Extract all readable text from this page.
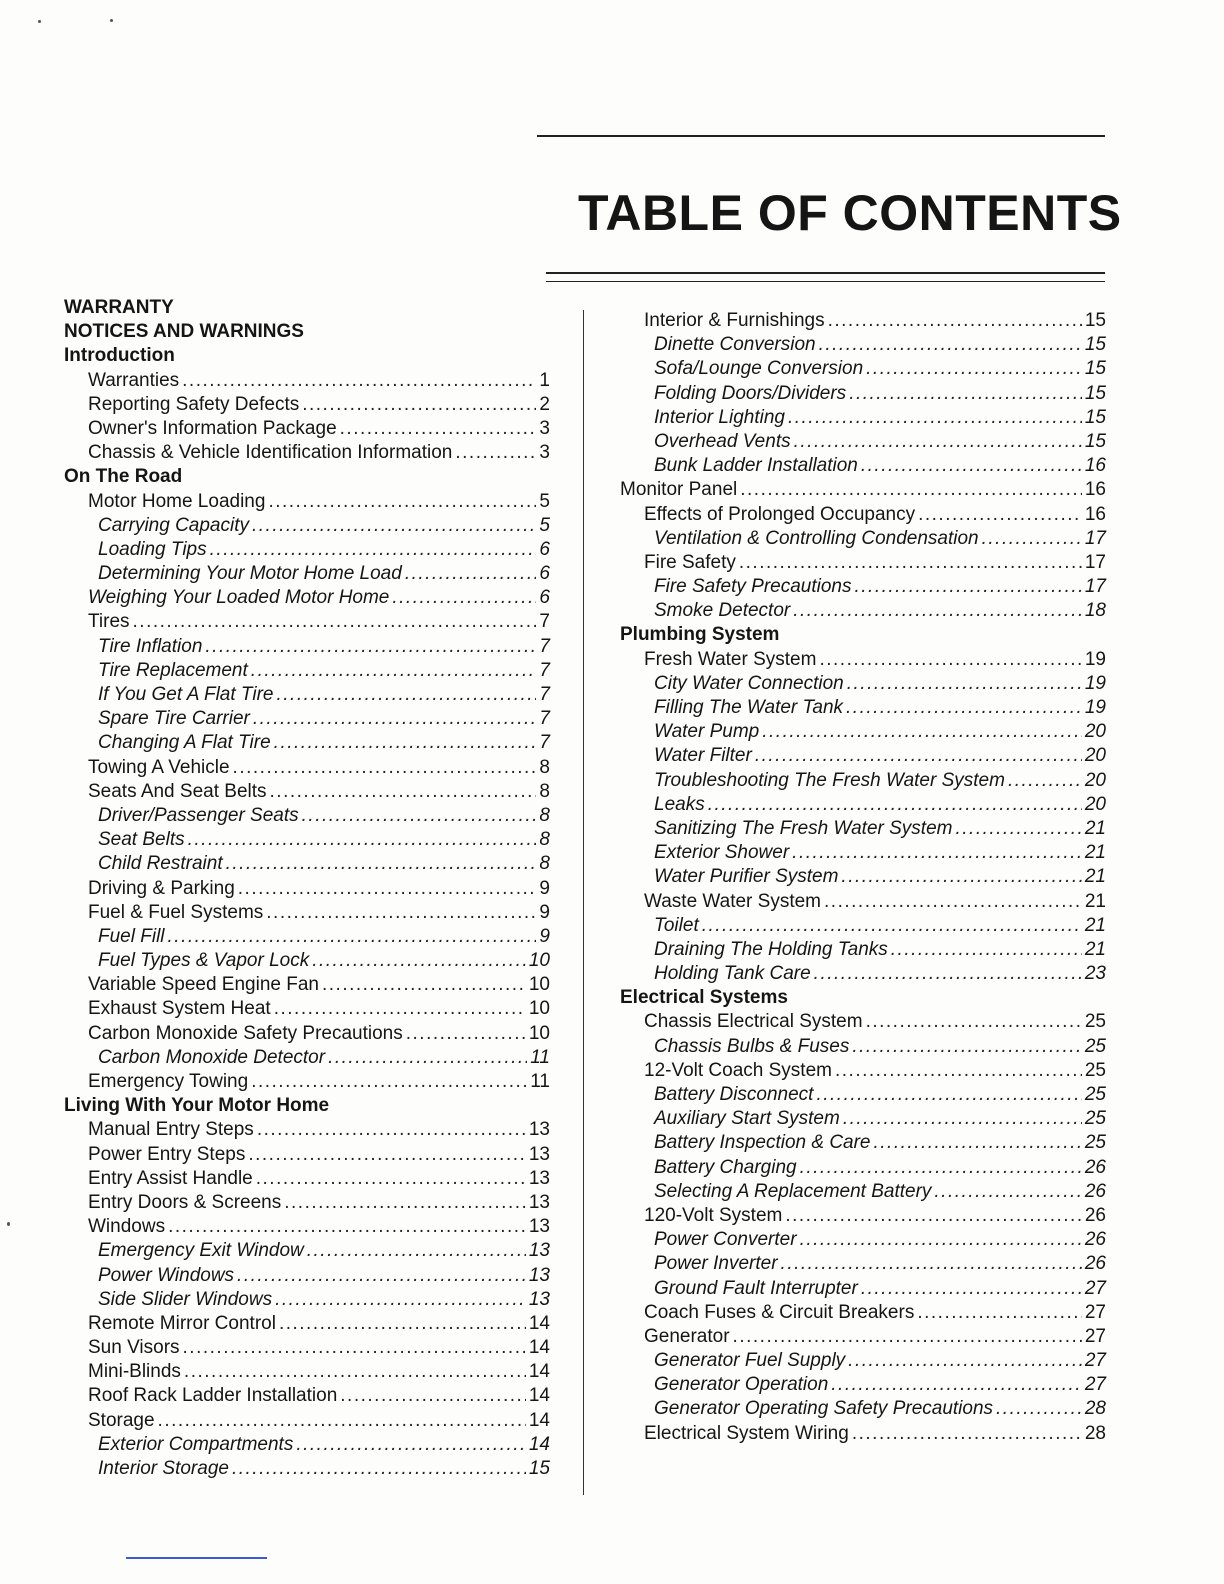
TABLE OF CONTENTS
WARRANTY
NOTICES AND WARNINGS
Introduction
Warranties .....	1
Reporting Safety Defects .....	2
Owner's Information Package .....	3
Chassis & Vehicle Identification Information .....	3
On The Road
Motor Home Loading .....	5
Carrying Capacity .....	5
Loading Tips .....	6
Determining Your Motor Home Load .....	6
Weighing Your Loaded Motor Home .....	6
Tires .....	7
Tire Inflation .....	7
Tire Replacement .....	7
If You Get A Flat Tire .....	7
Spare Tire Carrier .....	7
Changing A Flat Tire .....	7
Towing A Vehicle .....	8
Seats And Seat Belts .....	8
Driver/Passenger Seats .....	8
Seat Belts .....	8
Child Restraint .....	8
Driving & Parking .....	9
Fuel & Fuel Systems .....	9
Fuel Fill .....	9
Fuel Types & Vapor Lock .....	10
Variable Speed Engine Fan .....	10
Exhaust System Heat .....	10
Carbon Monoxide Safety Precautions .....	10
Carbon Monoxide Detector .....	11
Emergency Towing .....	11
Living With Your Motor Home
Manual Entry Steps .....	13
Power Entry Steps .....	13
Entry Assist Handle .....	13
Entry Doors & Screens .....	13
Windows .....	13
Emergency Exit Window .....	13
Power Windows .....	13
Side Slider Windows .....	13
Remote Mirror Control .....	14
Sun Visors .....	14
Mini-Blinds .....	14
Roof Rack Ladder Installation .....	14
Storage .....	14
Exterior Compartments .....	14
Interior Storage .....	15
Interior & Furnishings .....	15
Dinette Conversion .....	15
Sofa/Lounge Conversion .....	15
Folding Doors/Dividers .....	15
Interior Lighting .....	15
Overhead Vents .....	15
Bunk Ladder Installation .....	16
Monitor Panel .....	16
Effects of Prolonged Occupancy .....	16
Ventilation & Controlling Condensation .....	17
Fire Safety .....	17
Fire Safety Precautions .....	17
Smoke Detector .....	18
Plumbing System
Fresh Water System .....	19
City Water Connection .....	19
Filling The Water Tank .....	19
Water Pump .....	20
Water Filter .....	20
Troubleshooting The Fresh Water System .....	20
Leaks .....	20
Sanitizing The Fresh Water System .....	21
Exterior Shower .....	21
Water Purifier System .....	21
Waste Water System .....	21
Toilet .....	21
Draining The Holding Tanks .....	21
Holding Tank Care .....	23
Electrical Systems
Chassis Electrical System .....	25
Chassis Bulbs & Fuses .....	25
12-Volt Coach System .....	25
Battery Disconnect .....	25
Auxiliary Start System .....	25
Battery Inspection & Care .....	25
Battery Charging .....	26
Selecting A Replacement Battery .....	26
120-Volt System .....	26
Power Converter .....	26
Power Inverter .....	26
Ground Fault Interrupter .....	27
Coach Fuses & Circuit Breakers .....	27
Generator .....	27
Generator Fuel Supply .....	27
Generator Operation .....	27
Generator Operating Safety Precautions .....	28
Electrical System Wiring .....	28
